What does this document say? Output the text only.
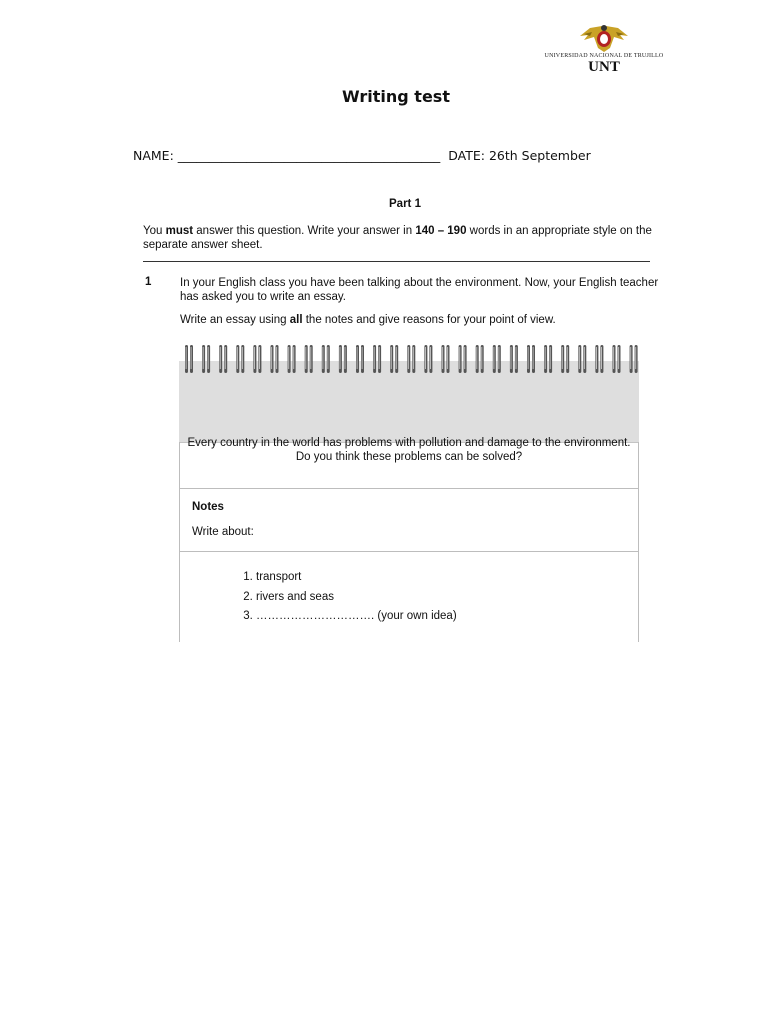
UNIVERSIDAD NACIONAL DE TRUJILLO
UNT
Writing test
NAME: __________________________________________ DATE: 26th September
Part 1
You must answer this question. Write your answer in 140 – 190 words in an appropriate style on the separate answer sheet.
1 In your English class you have been talking about the environment. Now, your English teacher has asked you to write an essay.
Write an essay using all the notes and give reasons for your point of view.
Every country in the world has problems with pollution and damage to the environment.
Do you think these problems can be solved?
Notes
Write about:
1. transport
2. rivers and seas
3. …………………………. (your own idea)
